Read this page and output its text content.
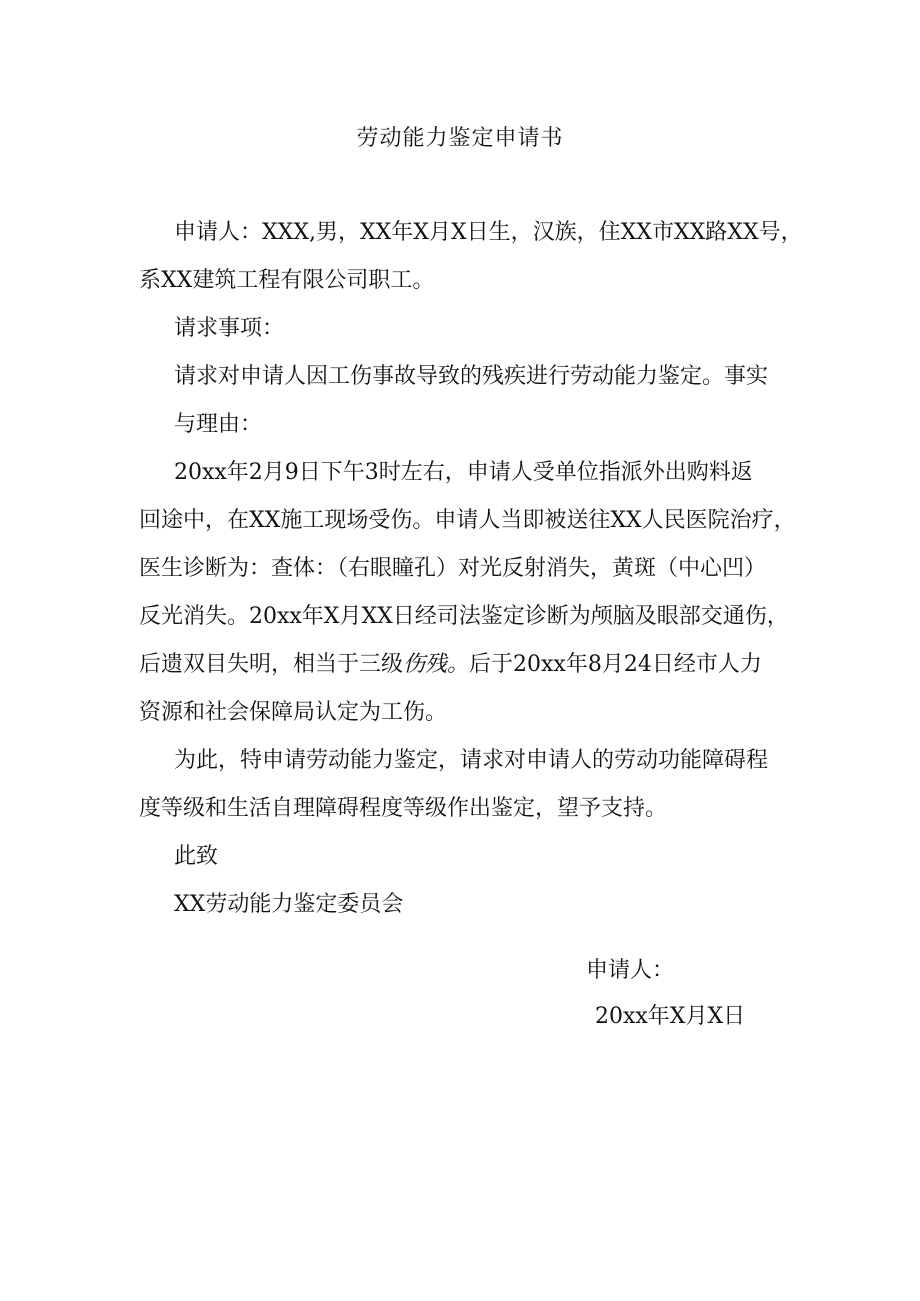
劳动能力鉴定申请书
申请人：XXX,男，XX年X月X日生，汉族，住XX市XX路XX号，
系XX建筑工程有限公司职工。
请求事项：
请求对申请人因工伤事故导致的残疾进行劳动能力鉴定。事实
与理由：
20xx年2月9日下午3时左右，申请人受单位指派外出购料返
回途中，在XX施工现场受伤。申请人当即被送往XX人民医院治疗，
医生诊断为：查体：（右眼瞳孔）对光反射消失，黄斑（中心凹）
反光消失。20xx年X月XX日经司法鉴定诊断为颅脑及眼部交通伤，
后遗双目失明，相当于三级伤残。后于20xx年8月24日经市人力
资源和社会保障局认定为工伤。
为此，特申请劳动能力鉴定，请求对申请人的劳动功能障碍程
度等级和生活自理障碍程度等级作出鉴定，望予支持。
此致
XX劳动能力鉴定委员会
申请人：
20xx年X月X日
